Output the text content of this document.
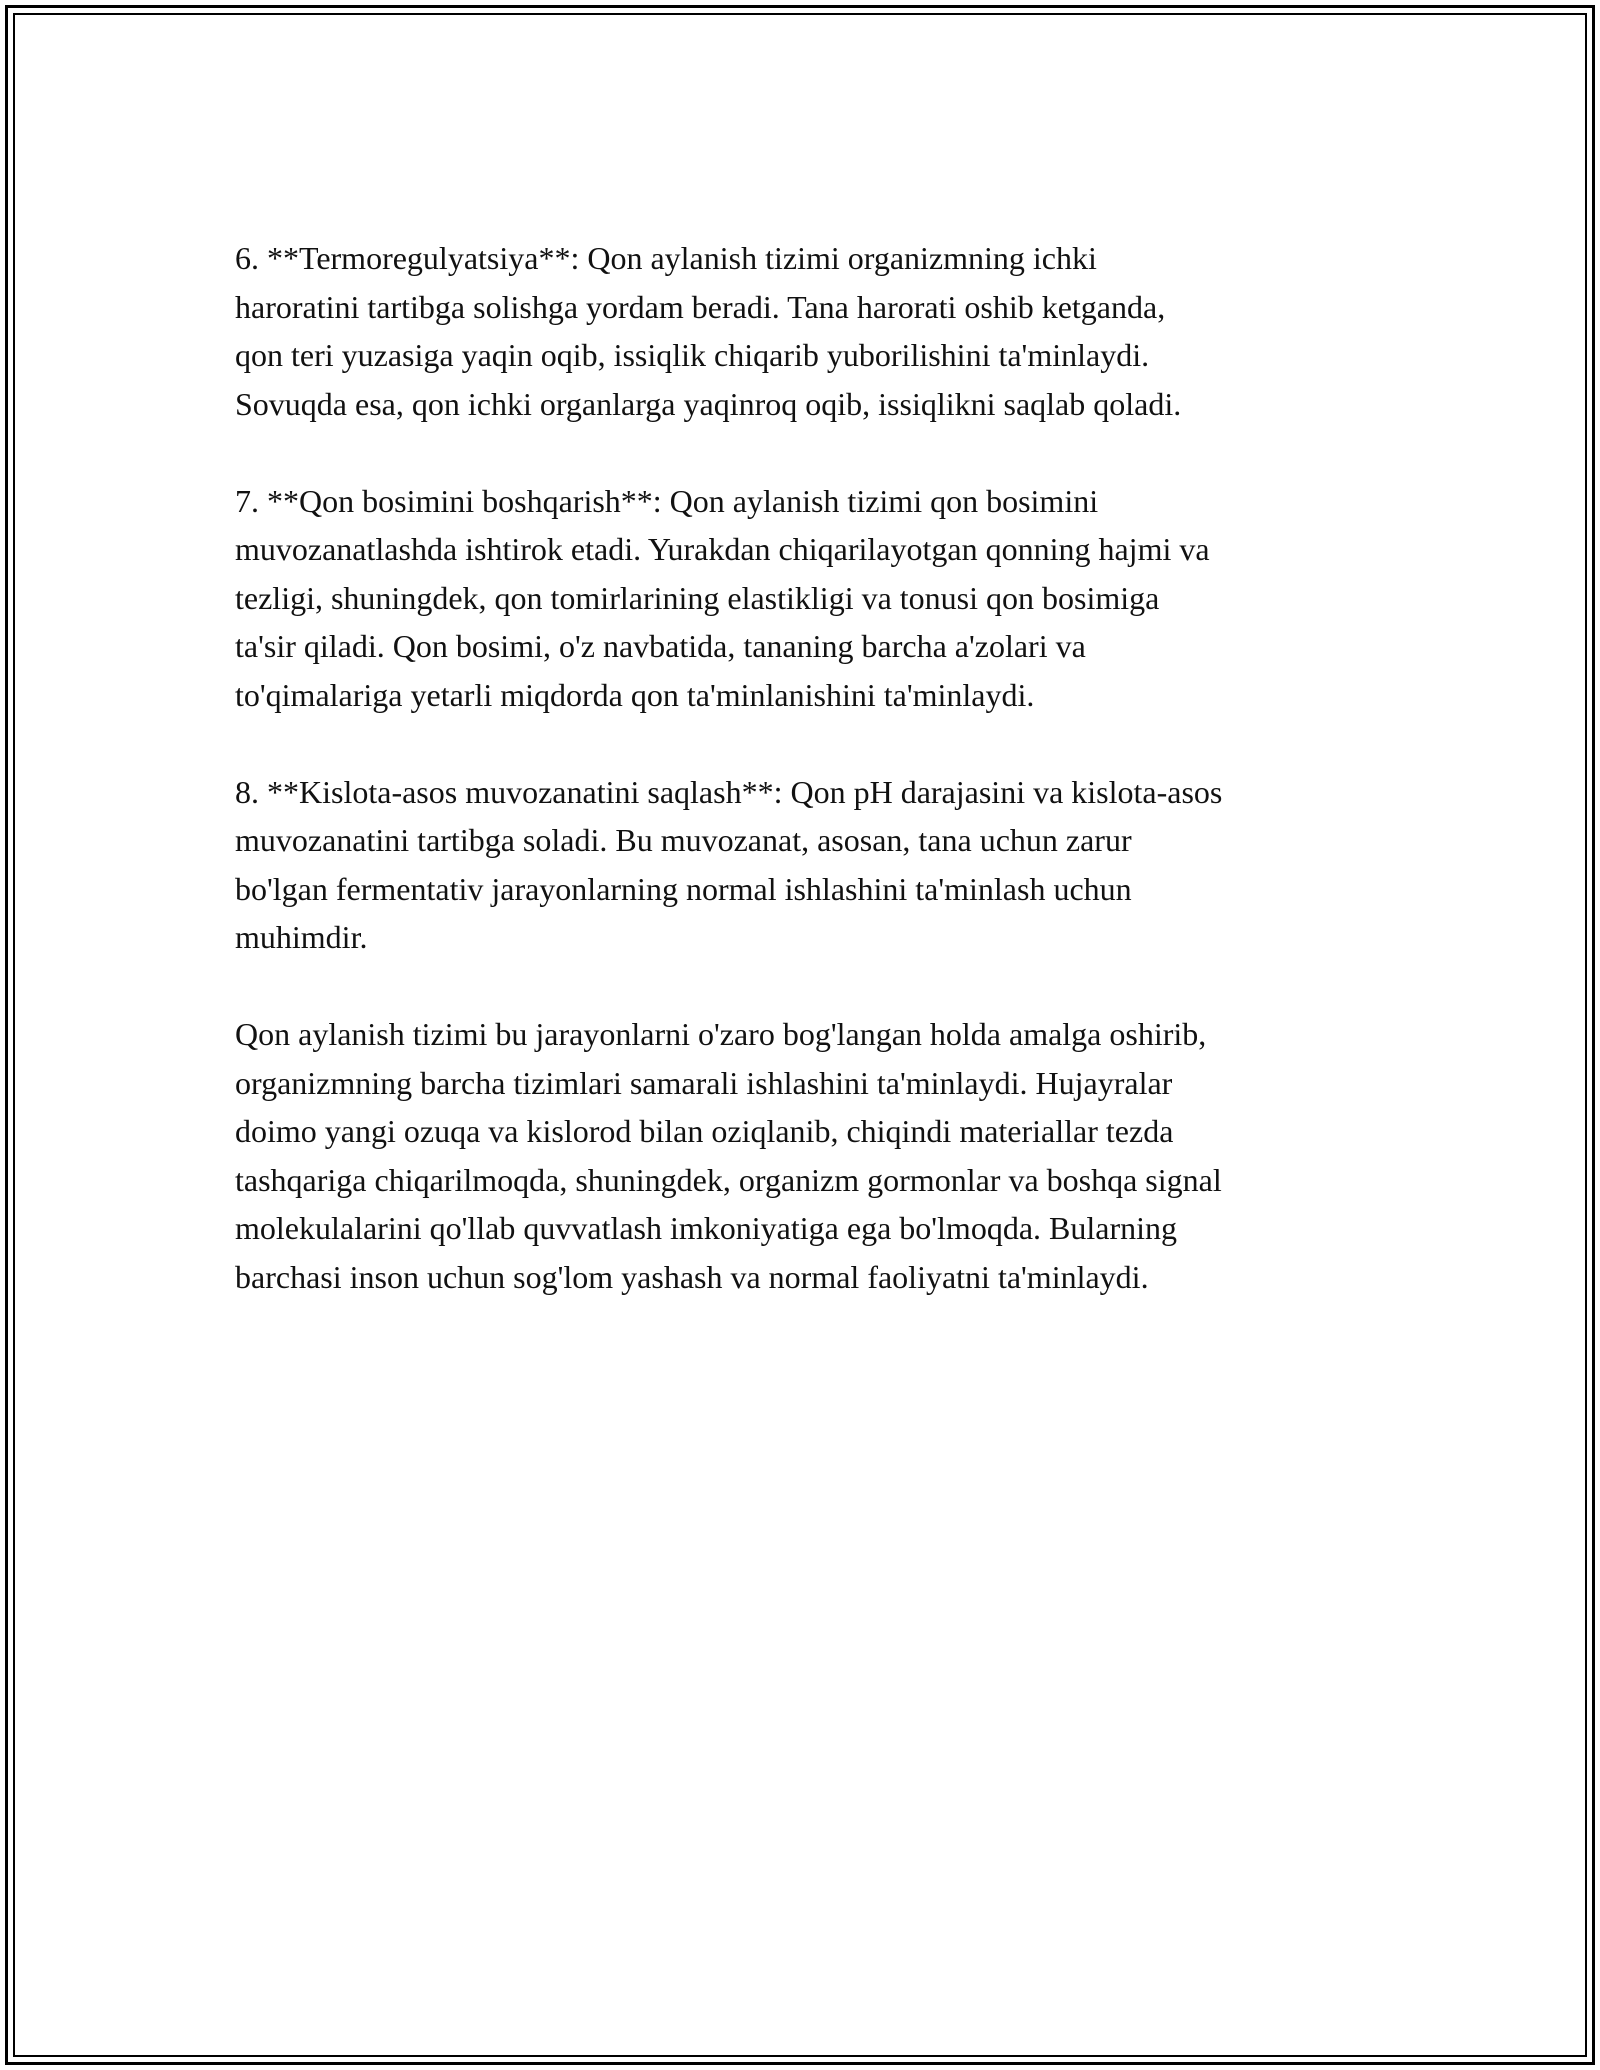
6. **Termoregulyatsiya**: Qon aylanish tizimi organizmning ichki
haroratini tartibga solishga yordam beradi. Tana harorati oshib ketganda,
qon teri yuzasiga yaqin oqib, issiqlik chiqarib yuborilishini ta'minlaydi.
Sovuqda esa, qon ichki organlarga yaqinroq oqib, issiqlikni saqlab qoladi.

7. **Qon bosimini boshqarish**: Qon aylanish tizimi qon bosimini
muvozanatlashda ishtirok etadi. Yurakdan chiqarilayotgan qonning hajmi va
tezligi, shuningdek, qon tomirlarining elastikligi va tonusi qon bosimiga
ta'sir qiladi. Qon bosimi, o'z navbatida, tananing barcha a'zolari va
to'qimalariga yetarli miqdorda qon ta'minlanishini ta'minlaydi.

8. **Kislota-asos muvozanatini saqlash**: Qon pH darajasini va kislota-asos
muvozanatini tartibga soladi. Bu muvozanat, asosan, tana uchun zarur
bo'lgan fermentativ jarayonlarning normal ishlashini ta'minlash uchun
muhimdir.

Qon aylanish tizimi bu jarayonlarni o'zaro bog'langan holda amalga oshirib,
organizmning barcha tizimlari samarali ishlashini ta'minlaydi. Hujayralar
doimo yangi ozuqa va kislorod bilan oziqlanib, chiqindi materiallar tezda
tashqariga chiqarilmoqda, shuningdek, organizm gormonlar va boshqa signal
molekulalarini qo'llab quvvatlash imkoniyatiga ega bo'lmoqda. Bularning
barchasi inson uchun sog'lom yashash va normal faoliyatni ta'minlaydi.
